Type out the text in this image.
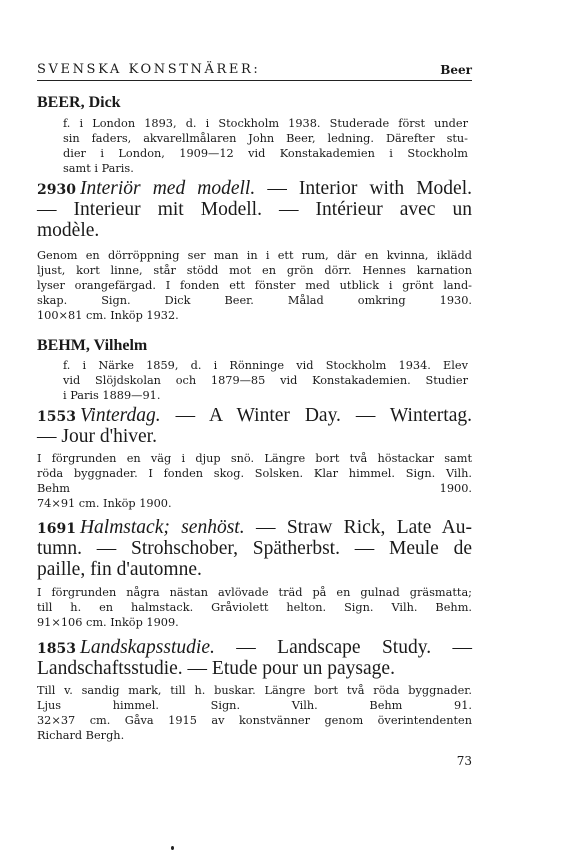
SVENSKA KONSTNÄRER:	Beer
BEER, Dick
f. i London 1893, d. i Stockholm 1938. Studerade först under
sin faders, akvarellmålaren John Beer, ledning. Därefter stu-
dier i London, 1909—12 vid Konstakademien i Stockholm
samt i Paris.
2930 Interiör med modell. — Interior with Model.
— Interieur mit Modell. — Intérieur avec un
modèle.
Genom en dörröppning ser man in i ett rum, där en kvinna, iklädd
ljust, kort linne, står stödd mot en grön dörr. Hennes karnation
lyser orangefärgad. I fonden ett fönster med utblick i grönt land-
skap. Sign. Dick Beer. Målad omkring 1930.
100×81 cm. Inköp 1932.
BEHM, Vilhelm
f. i Närke 1859, d. i Rönninge vid Stockholm 1934. Elev
vid Slöjdskolan och 1879—85 vid Konstakademien. Studier
i Paris 1889—91.
1553 Vinterdag. — A Winter Day. — Wintertag.
— Jour d'hiver.
I förgrunden en väg i djup snö. Längre bort två höstackar samt
röda byggnader. I fonden skog. Solsken. Klar himmel. Sign. Vilh.
Behm 1900.
74×91 cm. Inköp 1900.
1691 Halmstack; senhöst. — Straw Rick, Late Au-
tumn. — Strohschober, Spätherbst. — Meule de
paille, fin d'automne.
I förgrunden några nästan avlövade träd på en gulnad gräsmatta;
till h. en halmstack. Gråviolett helton. Sign. Vilh. Behm.
91×106 cm. Inköp 1909.
1853 Landskapsstudie. — Landscape Study. —
Landschaftsstudie. — Etude pour un paysage.
Till v. sandig mark, till h. buskar. Längre bort två röda byggnader.
Ljus himmel. Sign. Vilh. Behm 91.
32×37 cm. Gåva 1915 av konstvänner genom överintendenten
Richard Bergh.
73
